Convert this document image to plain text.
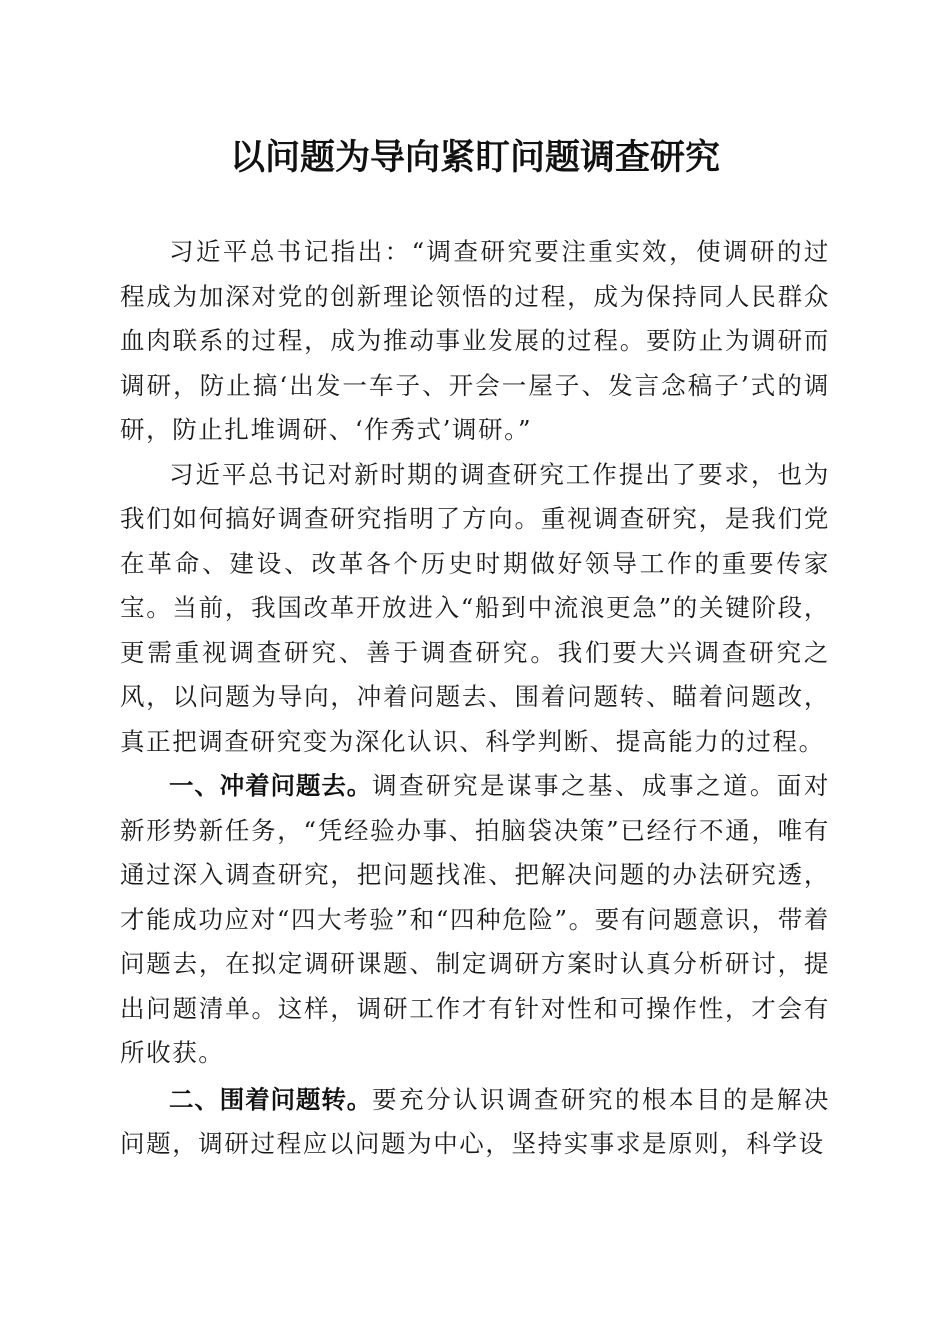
以问题为导向紧盯问题调查研究

习近平总书记指出：“调查研究要注重实效，使调研的过程成为加深对党的创新理论领悟的过程，成为保持同人民群众血肉联系的过程，成为推动事业发展的过程。要防止为调研而调研，防止搞‘出发一车子、开会一屋子、发言念稿子’式的调研，防止扎堆调研、‘作秀式’调研。”

习近平总书记对新时期的调查研究工作提出了要求，也为我们如何搞好调查研究指明了方向。重视调查研究，是我们党在革命、建设、改革各个历史时期做好领导工作的重要传家宝。当前，我国改革开放进入“船到中流浪更急”的关键阶段，更需重视调查研究、善于调查研究。我们要大兴调查研究之风，以问题为导向，冲着问题去、围着问题转、瞄着问题改，真正把调查研究变为深化认识、科学判断、提高能力的过程。

一、冲着问题去。调查研究是谋事之基、成事之道。面对新形势新任务，“凭经验办事、拍脑袋决策”已经行不通，唯有通过深入调查研究，把问题找准、把解决问题的办法研究透，才能成功应对“四大考验”和“四种危险”。要有问题意识，带着问题去，在拟定调研课题、制定调研方案时认真分析研讨，提出问题清单。这样，调研工作才有针对性和可操作性，才会有所收获。

二、围着问题转。要充分认识调查研究的根本目的是解决问题，调研过程应以问题为中心，坚持实事求是原则，科学设
